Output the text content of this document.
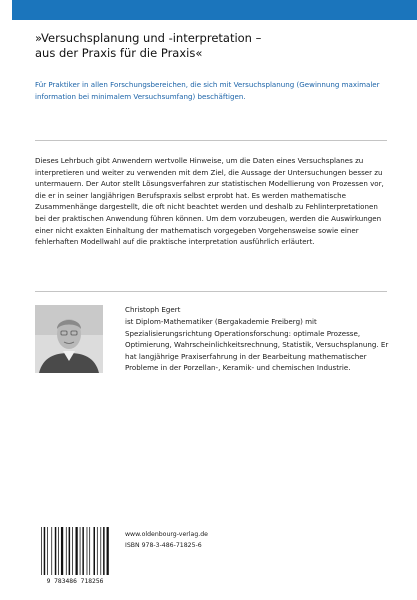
»Versuchsplanung und -interpretation –
aus der Praxis für die Praxis«

Für Praktiker in allen Forschungsbereichen, die sich mit Versuchsplanung (Gewinnung maximaler information bei minimalem Versuchsumfang) beschäftigen.

Dieses Lehrbuch gibt Anwendern wertvolle Hinweise, um die Daten eines Versuchsplanes zu interpretieren und weiter zu verwenden mit dem Ziel, die Aussage der Untersuchungen besser zu untermauern. Der Autor stellt Lösungsverfahren zur statistischen Modellierung von Prozessen vor, die er in seiner langjährigen Berufspraxis selbst erprobt hat. Es werden mathematische Zusammenhänge dargestellt, die oft nicht beachtet werden und deshalb zu Fehlinterpretationen bei der praktischen Anwendung führen können. Um dem vorzubeugen, werden die Auswirkungen einer nicht exakten Einhaltung der mathematisch vorgegeben Vorgehensweise sowie einer fehlerhaften Modellwahl auf die praktische interpretation ausführlich erläutert.

Christoph Egert

ist Diplom-Mathematiker (Bergakademie Freiberg) mit Spezialisierungsrichtung Operationsforschung: optimale Prozesse, Optimierung, Wahrscheinlichkeitsrechnung, Statistik, Versuchsplanung. Er hat langjährige Praxiserfahrung in der Bearbeitung mathematischer Probleme in der Porzellan-, Keramik- und chemischen Industrie.

9 783486 718256

www.oldenbourg-verlag.de

ISBN 978-3-486-71825-6
